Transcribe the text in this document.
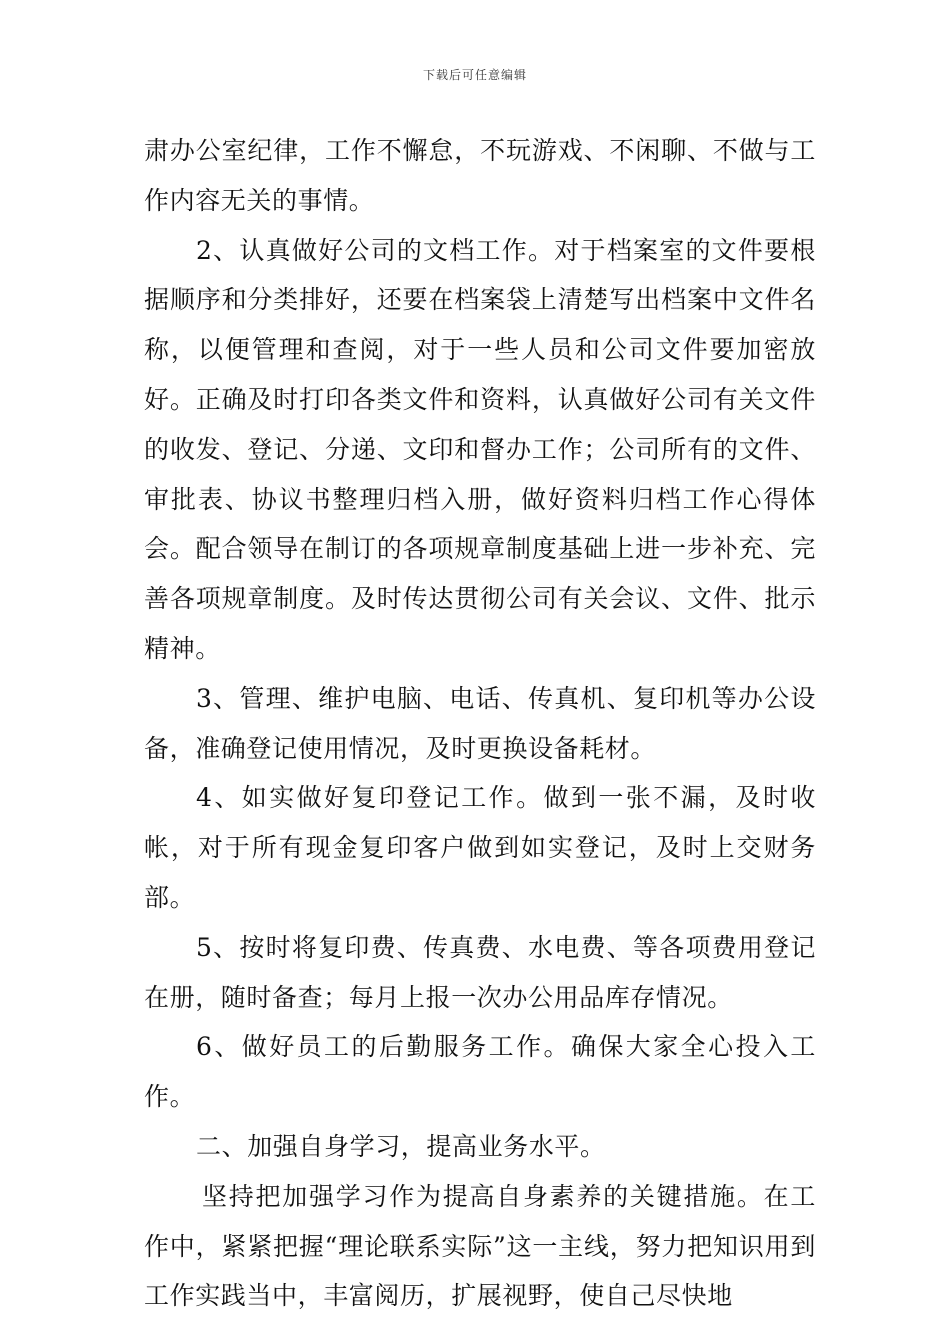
下载后可任意编辑

肃办公室纪律，工作不懈怠，不玩游戏、不闲聊、不做与工作内容无关的事情。

2、认真做好公司的文档工作。对于档案室的文件要根据顺序和分类排好，还要在档案袋上清楚写出档案中文件名称，以便管理和查阅，对于一些人员和公司文件要加密放好。正确及时打印各类文件和资料，认真做好公司有关文件的收发、登记、分递、文印和督办工作；公司所有的文件、审批表、协议书整理归档入册，做好资料归档工作心得体会。配合领导在制订的各项规章制度基础上进一步补充、完善各项规章制度。及时传达贯彻公司有关会议、文件、批示精神。

3、管理、维护电脑、电话、传真机、复印机等办公设备，准确登记使用情况，及时更换设备耗材。

4、如实做好复印登记工作。做到一张不漏，及时收帐，对于所有现金复印客户做到如实登记，及时上交财务部。

5、按时将复印费、传真费、水电费、等各项费用登记在册，随时备查；每月上报一次办公用品库存情况。

6、做好员工的后勤服务工作。确保大家全心投入工作。

二、加强自身学习，提高业务水平。

坚持把加强学习作为提高自身素养的关键措施。在工作中，紧紧把握“理论联系实际”这一主线，努力把知识用到工作实践当中，丰富阅历，扩展视野，使自己尽快地
